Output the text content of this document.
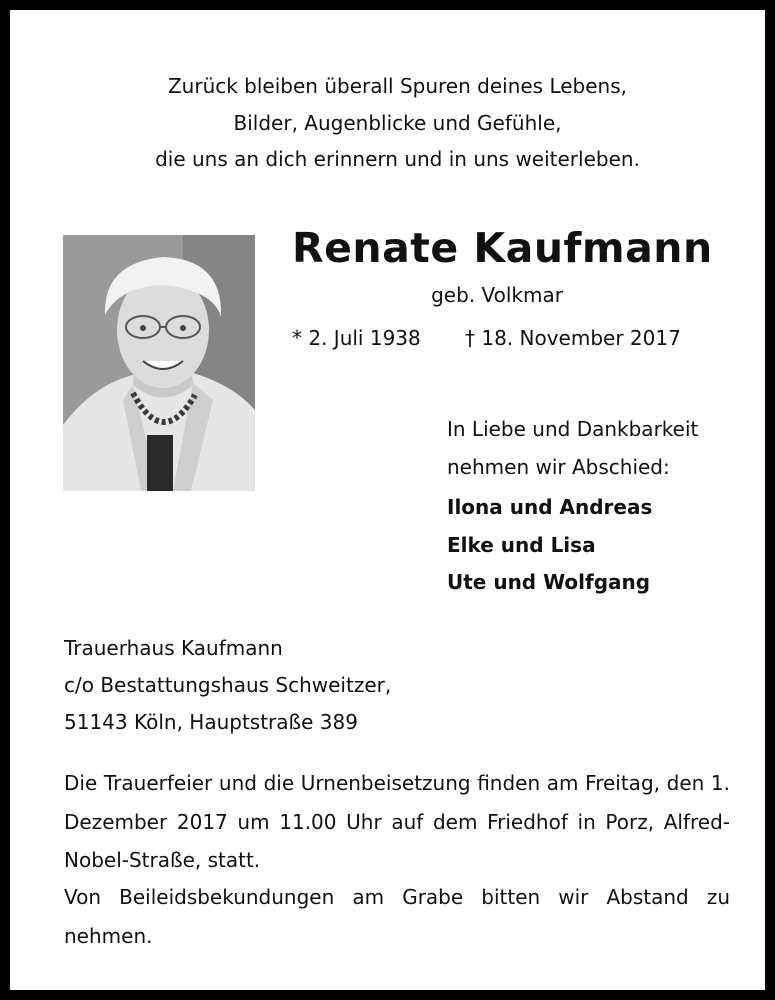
Zurück bleiben überall Spuren deines Lebens,
Bilder, Augenblicke und Gefühle,
die uns an dich erinnern und in uns weiterleben.
Renate Kaufmann
geb. Volkmar
* 2. Juli 1938 † 18. November 2017
In Liebe und Dankbarkeit
nehmen wir Abschied:
Ilona und Andreas
Elke und Lisa
Ute und Wolfgang
Trauerhaus Kaufmann
c/o Bestattungshaus Schweitzer,
51143 Köln, Hauptstraße 389
Die Trauerfeier und die Urnenbeisetzung finden am Freitag, den 1. Dezember 2017 um 11.00 Uhr auf dem Friedhof in Porz, Alfred-Nobel-Straße, statt.
Von Beileidsbekundungen am Grabe bitten wir Abstand zu nehmen.
